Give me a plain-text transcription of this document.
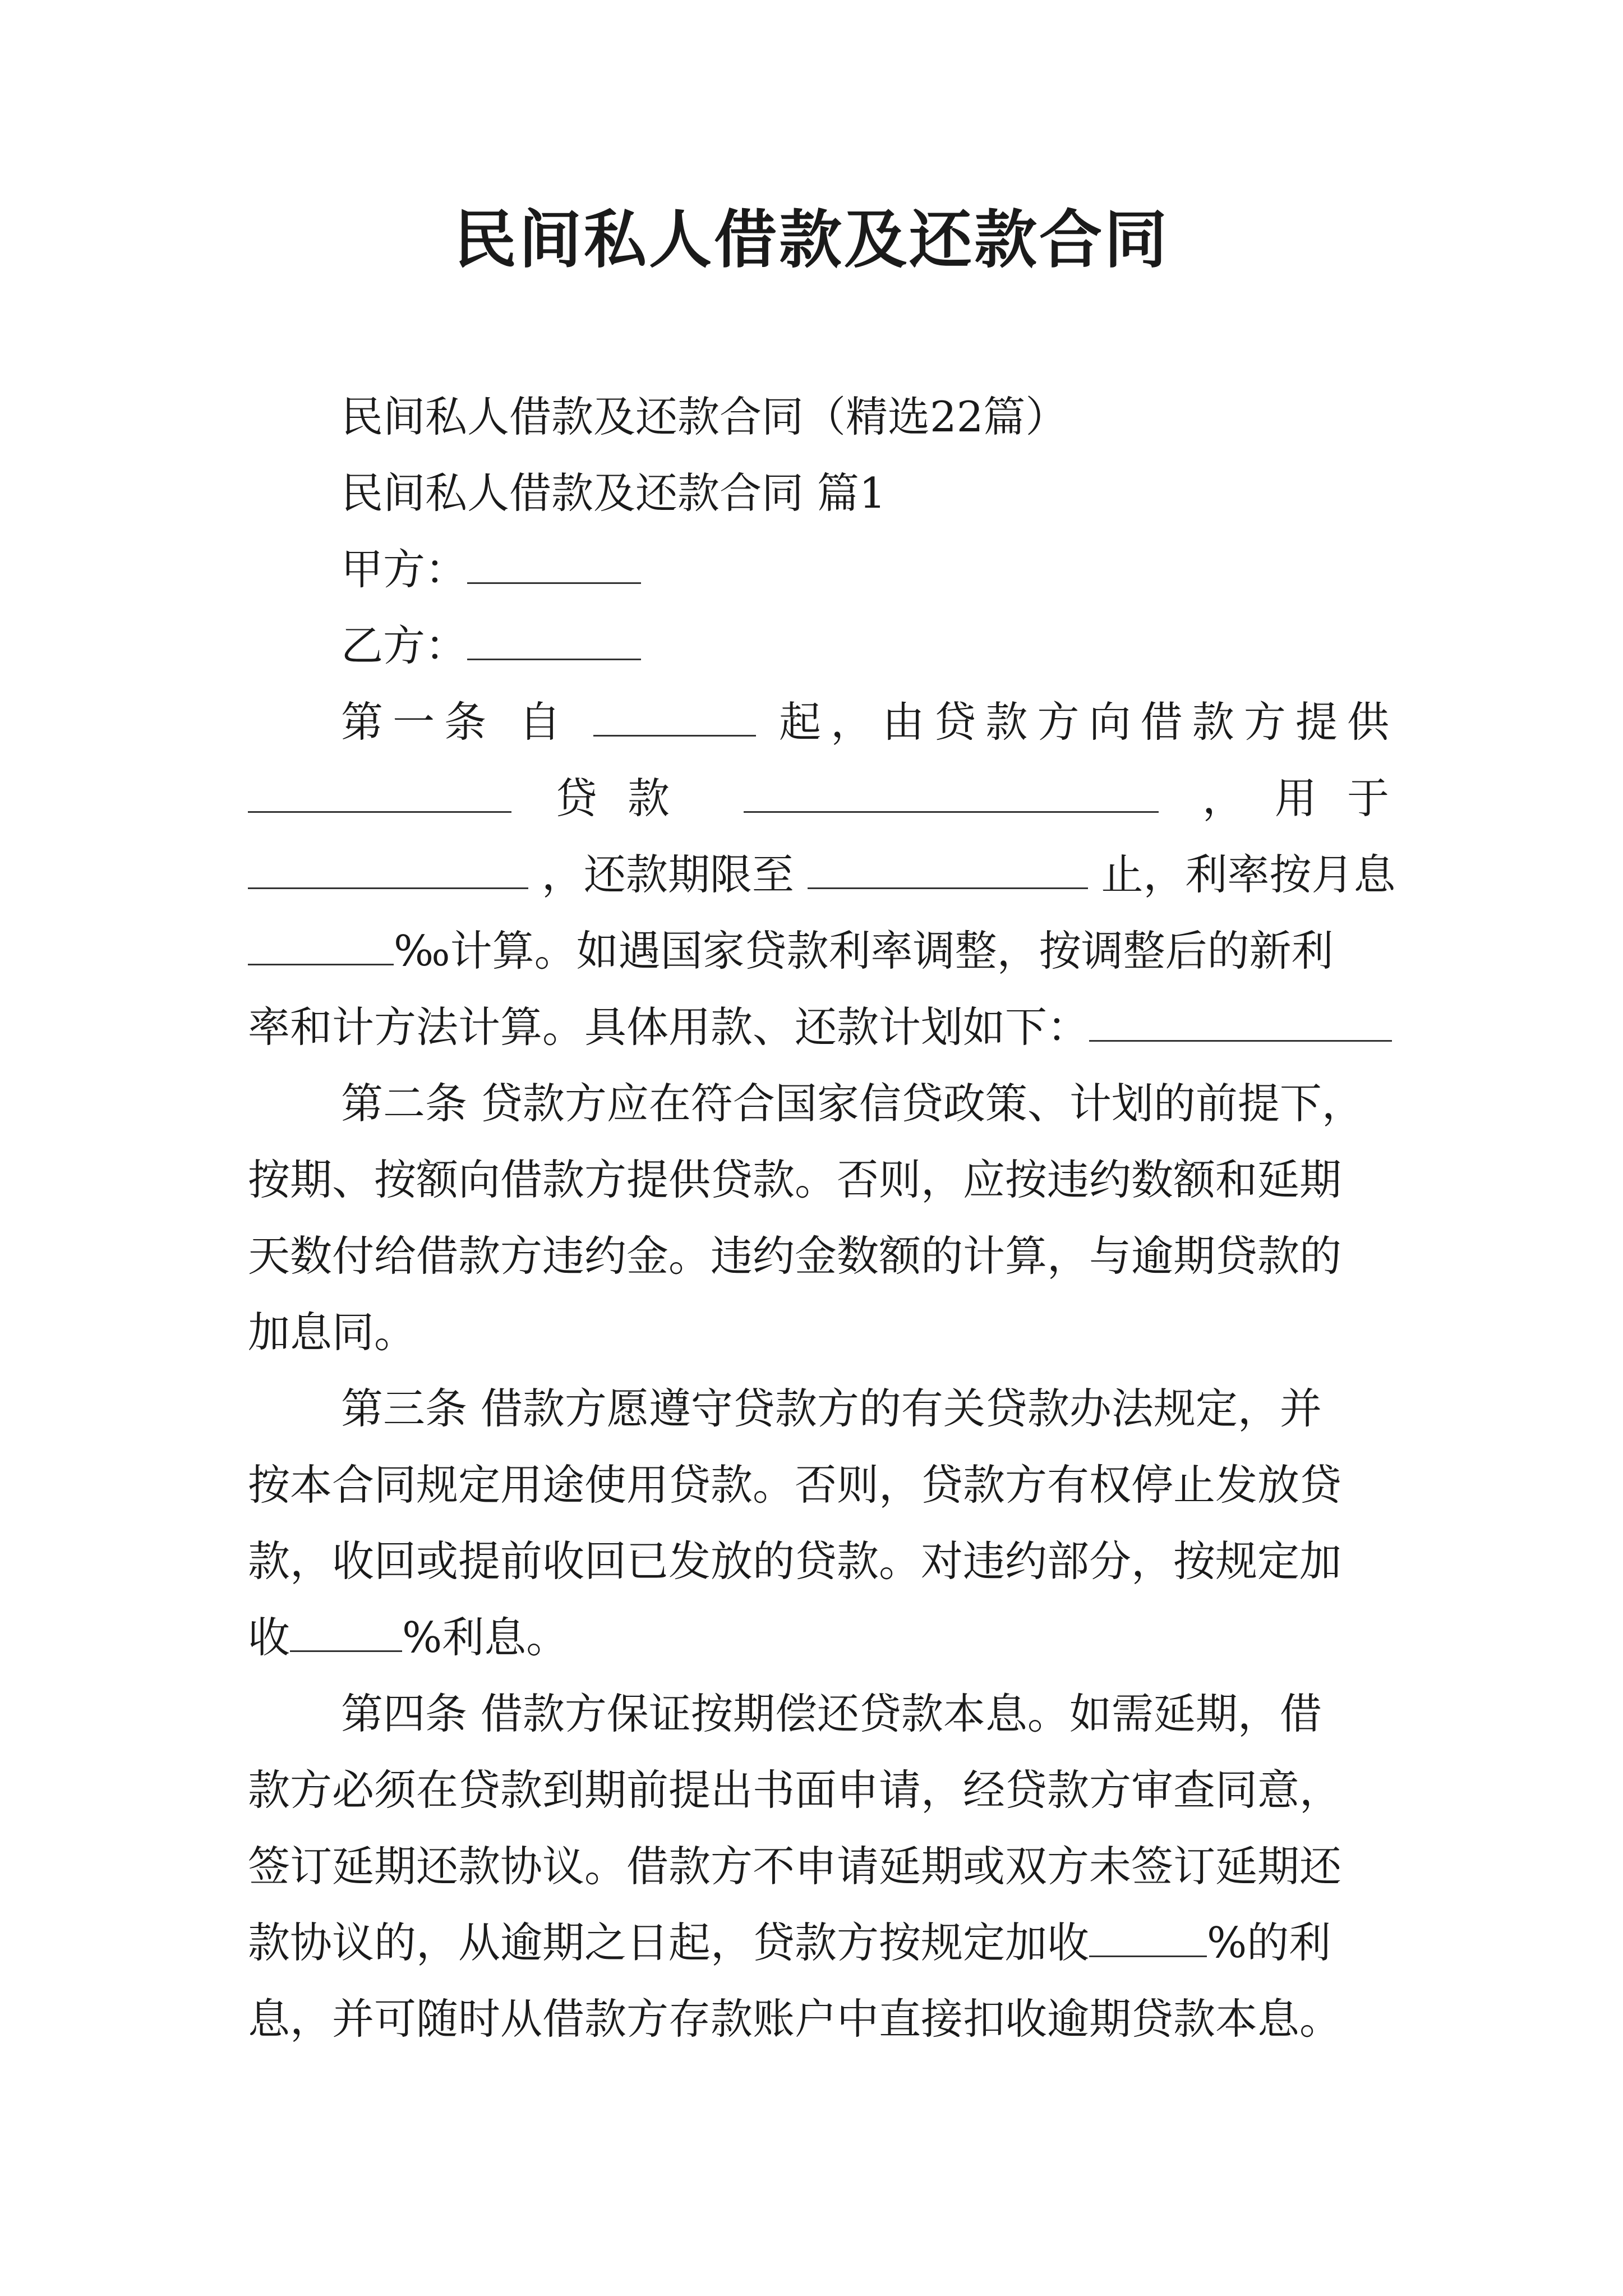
民间私人借款及还款合同
民间私人借款及还款合同（精选22篇）
民间私人借款及还款合同 篇1
甲方：
乙方：
第一条 自	起，由贷款方向借款方提供
贷款	，用于
，还款期限至	止，利率按月息
‰计算。如遇国家贷款利率调整，按调整后的新利
率和计方法计算。具体用款、还款计划如下：
第二条 贷款方应在符合国家信贷政策、计划的前提下，
按期、按额向借款方提供贷款。否则，应按违约数额和延期
天数付给借款方违约金。违约金数额的计算，与逾期贷款的
加息同。
第三条 借款方愿遵守贷款方的有关贷款办法规定，并
按本合同规定用途使用贷款。否则，贷款方有权停止发放贷
款，收回或提前收回已发放的贷款。对违约部分，按规定加
收	%利息。
第四条 借款方保证按期偿还贷款本息。如需延期，借
款方必须在贷款到期前提出书面申请，经贷款方审查同意，
签订延期还款协议。借款方不申请延期或双方未签订延期还
款协议的，从逾期之日起，贷款方按规定加收	%的利
息，并可随时从借款方存款账户中直接扣收逾期贷款本息。
